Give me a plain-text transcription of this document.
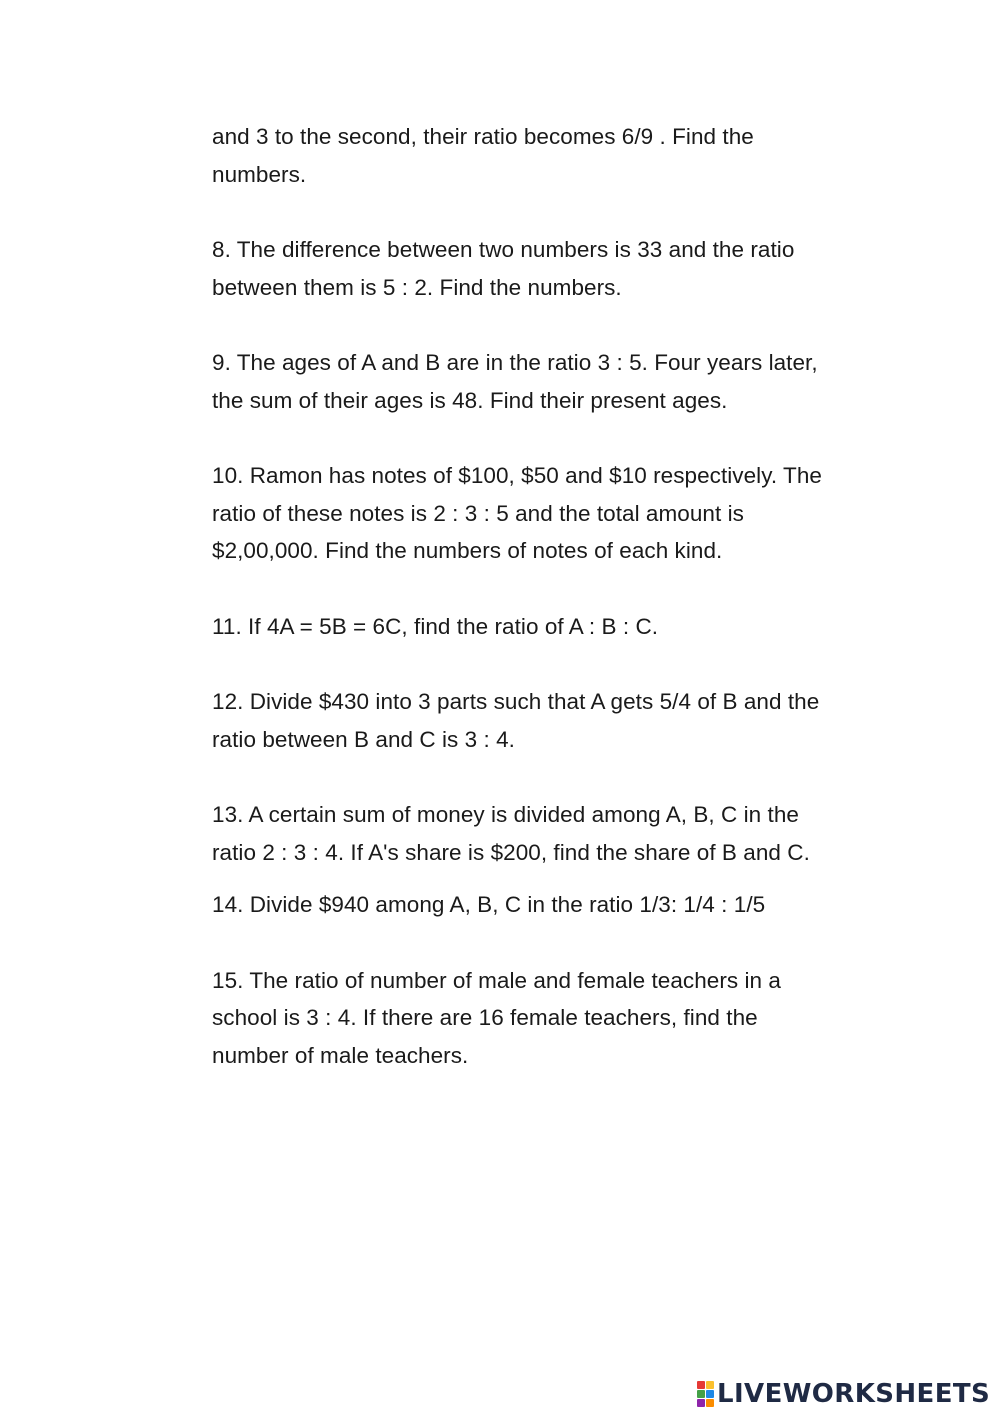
and 3 to the second, their ratio becomes 6/9 . Find the
numbers.

8. The difference between two numbers is 33 and the ratio
between them is 5 : 2. Find the numbers.

9. The ages of A and B are in the ratio 3 : 5. Four years later,
the sum of their ages is 48. Find their present ages.

10. Ramon has notes of $100, $50 and $10 respectively. The
ratio of these notes is 2 : 3 : 5 and the total amount is
$2,00,000. Find the numbers of notes of each kind.

11. If 4A = 5B = 6C, find the ratio of A : B : C.

12. Divide $430 into 3 parts such that A gets 5/4 of B and the
ratio between B and C is 3 : 4.

13. A certain sum of money is divided among A, B, C in the
ratio 2 : 3 : 4. If A's share is $200, find the share of B and C.

14. Divide $940 among A, B, C in the ratio 1/3: 1/4 : 1/5

15. The ratio of number of male and female teachers in a
school is 3 : 4. If there are 16 female teachers, find the
number of male teachers.

LIVEWORKSHEETS
